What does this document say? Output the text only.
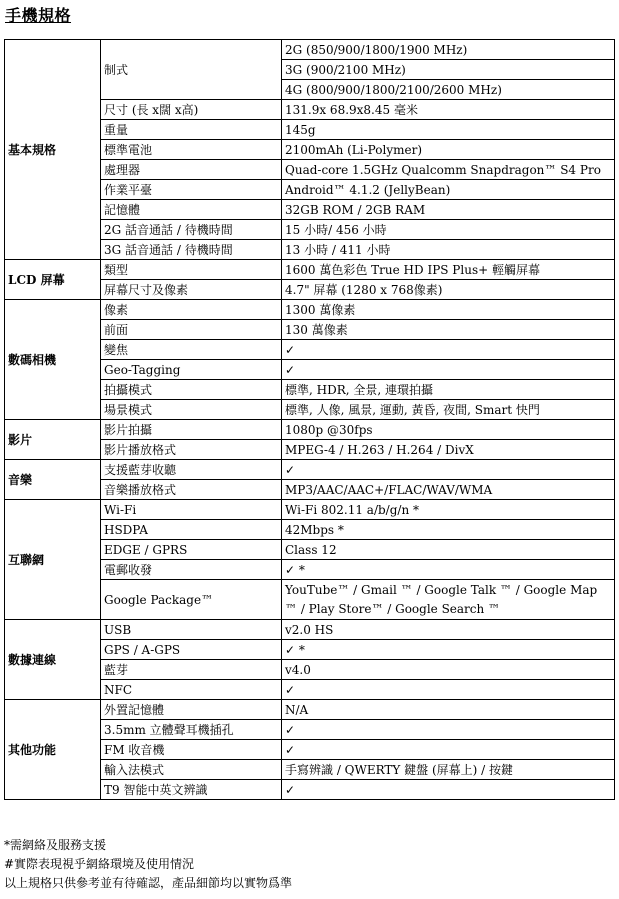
手機規格
基本規格	制式	2G (850/900/1800/1900 MHz)
		3G (900/2100 MHz)
		4G (800/900/1800/2100/2600 MHz)
	尺寸 (長 x闊 x高)	131.9x 68.9x8.45 毫米
	重量	145g
	標準電池	2100mAh (Li-Polymer)
	處理器	Quad-core 1.5GHz Qualcomm Snapdragon™ S4 Pro
	作業平臺	Android™ 4.1.2 (JellyBean)
	記憶體	32GB ROM / 2GB RAM
	2G 話音通話 / 待機時間	15 小時/ 456 小時
	3G 話音通話 / 待機時間	13 小時 / 411 小時
LCD 屏幕	類型	1600 萬色彩色 True HD IPS Plus+ 輕觸屏幕
	屏幕尺寸及像素	4.7" 屏幕 (1280 x 768像素)
數碼相機	像素	1300 萬像素
	前面	130 萬像素
	變焦	✓
	Geo-Tagging	✓
	拍攝模式	標準, HDR, 全景, 連環拍攝
	場景模式	標準, 人像, 風景, 運動, 黃昏, 夜間, Smart 快門
影片	影片拍攝	1080p @30fps
	影片播放格式	MPEG-4 / H.263 / H.264 / DivX
音樂	支援藍芽收聽	✓
	音樂播放格式	MP3/AAC/AAC+/FLAC/WAV/WMA
互聯網	Wi-Fi	Wi-Fi 802.11 a/b/g/n *
	HSDPA	42Mbps *
	EDGE / GPRS	Class 12
	電郵收發	✓ *
	Google Package™	YouTube™ / Gmail ™ / Google Talk ™ / Google Map ™ / Play Store™ / Google Search ™
數據連線	USB	v2.0 HS
	GPS / A-GPS	✓ *
	藍芽	v4.0
	NFC	✓
其他功能	外置記憶體	N/A
	3.5mm 立體聲耳機插孔	✓
	FM 收音機	✓
	輸入法模式	手寫辨識 / QWERTY 鍵盤 (屏幕上) / 按鍵
	T9 智能中英文辨識	✓
*需網絡及服務支援
#實際表現視乎網絡環境及使用情況
以上規格只供參考並有待確認，產品細節均以實物爲準
